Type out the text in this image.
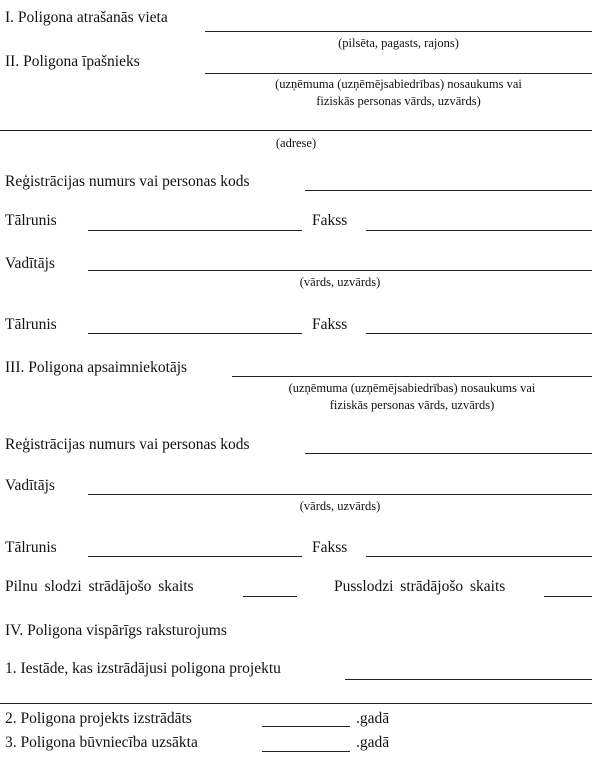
I. Poligona atrašanās vieta
(pilsēta, pagasts, rajons)
II. Poligona īpašnieks
(uzņēmuma (uzņēmējsabiedrības) nosaukums vai
fiziskās personas vārds, uzvārds)
(adrese)
Reģistrācijas numurs vai personas kods
Tālrunis	Fakss
Vadītājs
(vārds, uzvārds)
Tālrunis	Fakss
III. Poligona apsaimniekotājs
(uzņēmuma (uzņēmējsabiedrības) nosaukums vai
fiziskās personas vārds, uzvārds)
Reģistrācijas numurs vai personas kods
Vadītājs
(vārds, uzvārds)
Tālrunis	Fakss
Pilnu slodzi strādājošo skaits	Pusslodzi strādājošo skaits
IV. Poligona vispārīgs raksturojums
1. Iestāde, kas izstrādājusi poligona projektu
2. Poligona projekts izstrādāts	.gadā
3. Poligona būvniecība uzsākta	.gadā
